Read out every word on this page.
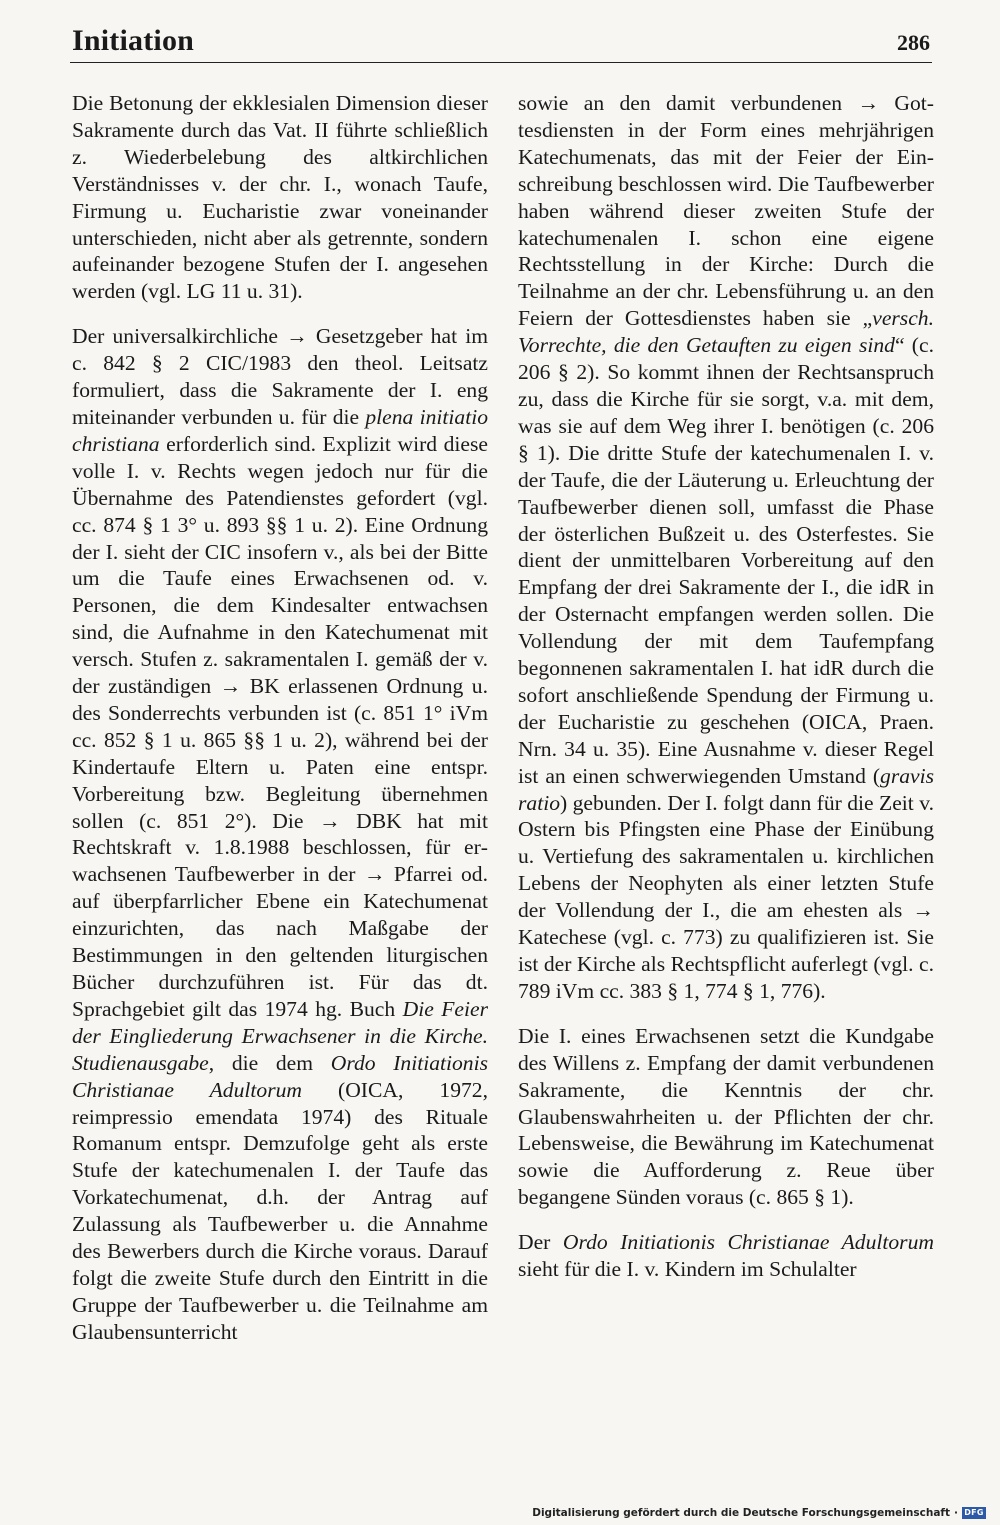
Initiation	286

Die Betonung der ekklesialen Dimension dieser Sakramente durch das Vat. II führte schließlich z. Wiederbelebung des altkirchlichen Verständnisses v. der chr. I., wonach Taufe, Firmung u. Eucharistie zwar voneinander unterschieden, nicht aber als getrennte, sondern aufeinander bezogene Stufen der I. angesehen werden (vgl. LG 11 u. 31).

Der universalkirchliche → Gesetzgeber hat im c. 842 § 2 CIC/1983 den theol. Leitsatz formuliert, dass die Sakramente der I. eng miteinander verbunden u. für die plena initiatio christiana erforderlich sind. Explizit wird diese volle I. v. Rechts wegen jedoch nur für die Übernahme des Patendienstes gefordert (vgl. cc. 874 § 1 3° u. 893 §§ 1 u. 2). Eine Ordnung der I. sieht der CIC insofern v., als bei der Bitte um die Taufe eines Erwachsenen od. v. Personen, die dem Kindesalter entwachsen sind, die Aufnahme in den Katechumenat mit versch. Stufen z. sakramentalen I. gemäß der v. der zuständigen → BK erlassenen Ordnung u. des Sonderrechts verbunden ist (c. 851 1° iVm cc. 852 § 1 u. 865 §§ 1 u. 2), während bei der Kindertaufe Eltern u. Paten eine entspr. Vorbereitung bzw. Begleitung übernehmen sollen (c. 851 2°). Die → DBK hat mit Rechtskraft v. 1.8.1988 beschlossen, für erwachsenen Taufbewerber in der → Pfarrei od. auf überpfarrlicher Ebene ein Katechumenat einzurichten, das nach Maßgabe der Bestimmungen in den geltenden liturgischen Bücher durchzuführen ist. Für das dt. Sprachgebiet gilt das 1974 hg. Buch Die Feier der Eingliederung Erwachsener in die Kirche. Studienausgabe, die dem Ordo Initiationis Christianae Adultorum (OICA, 1972, reimpressio emendata 1974) des Rituale Romanum entspr. Demzufolge geht als erste Stufe der katechumenalen I. der Taufe das Vorkatechumenat, d.h. der Antrag auf Zulassung als Taufbewerber u. die Annahme des Bewerbers durch die Kirche voraus. Darauf folgt die zweite Stufe durch den Eintritt in die Gruppe der Taufbewerber u. die Teilnahme am Glaubensunterricht

sowie an den damit verbundenen → Gottesdiensten in der Form eines mehrjährigen Katechumenats, das mit der Feier der Einschreibung beschlossen wird. Die Taufbewerber haben während dieser zweiten Stufe der katechumenalen I. schon eine eigene Rechtsstellung in der Kirche: Durch die Teilnahme an der chr. Lebensführung u. an den Feiern der Gottesdienstes haben sie „versch. Vorrechte, die den Getauften zu eigen sind“ (c. 206 § 2). So kommt ihnen der Rechtsanspruch zu, dass die Kirche für sie sorgt, v.a. mit dem, was sie auf dem Weg ihrer I. benötigen (c. 206 § 1). Die dritte Stufe der katechumenalen I. v. der Taufe, die der Läuterung u. Erleuchtung der Taufbewerber dienen soll, umfasst die Phase der österlichen Bußzeit u. des Osterfestes. Sie dient der unmittelbaren Vorbereitung auf den Empfang der drei Sakramente der I., die idR in der Osternacht empfangen werden sollen. Die Vollendung der mit dem Taufempfang begonnenen sakramentalen I. hat idR durch die sofort anschließende Spendung der Firmung u. der Eucharistie zu geschehen (OICA, Praen. Nrn. 34 u. 35). Eine Ausnahme v. dieser Regel ist an einen schwerwiegenden Umstand (gravis ratio) gebunden. Der I. folgt dann für die Zeit v. Ostern bis Pfingsten eine Phase der Einübung u. Vertiefung des sakramentalen u. kirchlichen Lebens der Neophyten als einer letzten Stufe der Vollendung der I., die am ehesten als → Katechese (vgl. c. 773) zu qualifizieren ist. Sie ist der Kirche als Rechtspflicht auferlegt (vgl. c. 789 iVm cc. 383 § 1, 774 § 1, 776).

Die I. eines Erwachsenen setzt die Kundgabe des Willens z. Empfang der damit verbundenen Sakramente, die Kenntnis der chr. Glaubenswahrheiten u. der Pflichten der chr. Lebensweise, die Bewährung im Katechumenat sowie die Aufforderung z. Reue über begangene Sünden voraus (c. 865 § 1).

Der Ordo Initiationis Christianae Adultorum sieht für die I. v. Kindern im Schulalter

Digitalisierung gefördert durch die Deutsche Forschungsgemeinschaft · DFG
